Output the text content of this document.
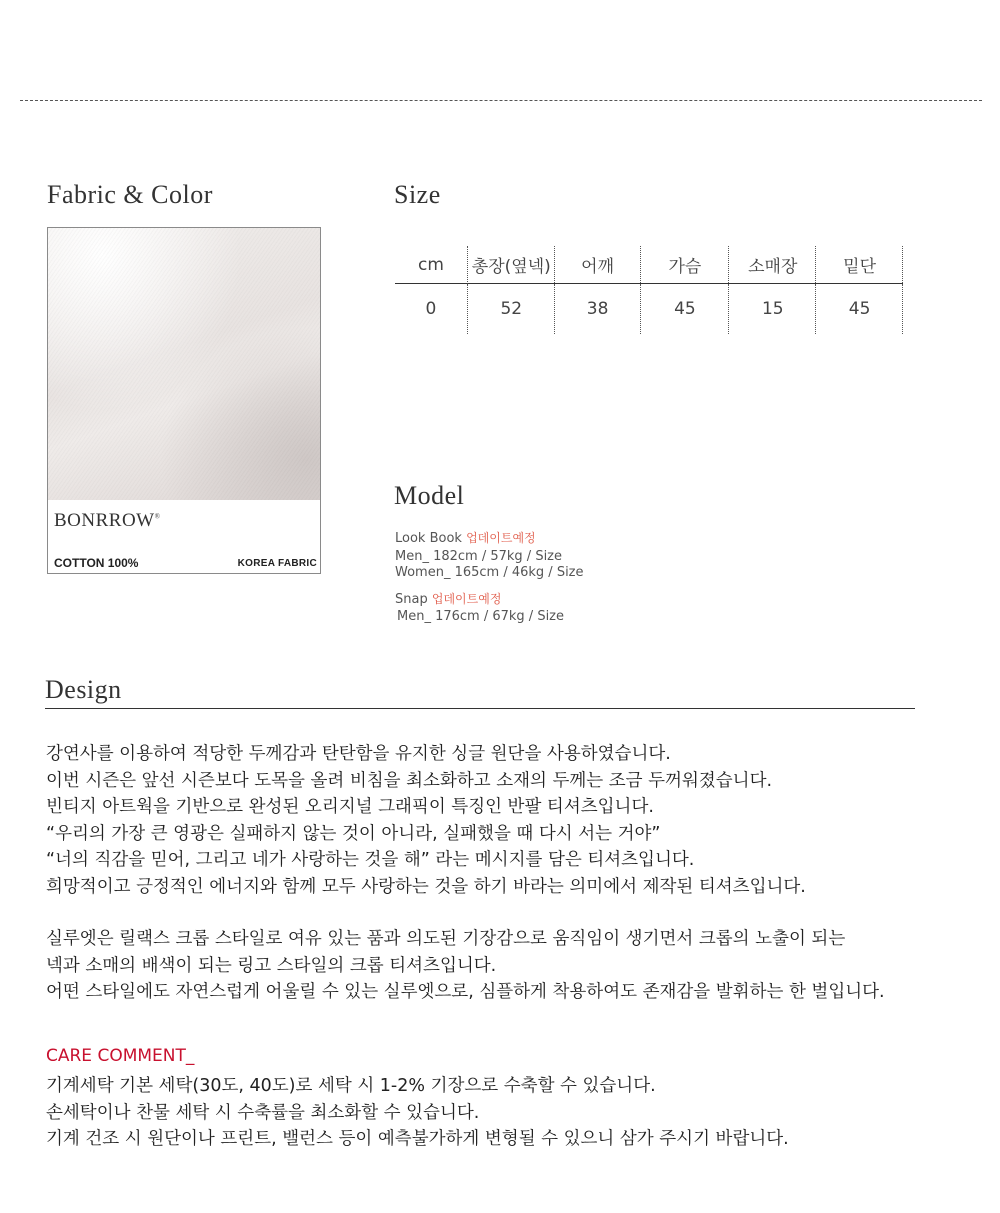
Fabric & Color
BONRROW®
COTTON 100%	KOREA FABRIC
Size
cm	총장(옆넥)	어깨	가슴	소매장	밑단
0	52	38	45	15	45
Model
Look Book 업데이트예정
Men_ 182cm / 57kg / Size
Women_ 165cm / 46kg / Size
Snap 업데이트예정
Men_ 176cm / 67kg / Size
Design
강연사를 이용하여 적당한 두께감과 탄탄함을 유지한 싱글 원단을 사용하였습니다.
이번 시즌은 앞선 시즌보다 도목을 올려 비침을 최소화하고 소재의 두께는 조금 두꺼워졌습니다.
빈티지 아트웍을 기반으로 완성된 오리지널 그래픽이 특징인 반팔 티셔츠입니다.
“우리의 가장 큰 영광은 실패하지 않는 것이 아니라, 실패했을 때 다시 서는 거야”
“너의 직감을 믿어, 그리고 네가 사랑하는 것을 해” 라는 메시지를 담은 티셔츠입니다.
희망적이고 긍정적인 에너지와 함께 모두 사랑하는 것을 하기 바라는 의미에서 제작된 티셔츠입니다.
실루엣은 릴랙스 크롭 스타일로 여유 있는 품과 의도된 기장감으로 움직임이 생기면서 크롭의 노출이 되는
넥과 소매의 배색이 되는 링고 스타일의 크롭 티셔츠입니다.
어떤 스타일에도 자연스럽게 어울릴 수 있는 실루엣으로, 심플하게 착용하여도 존재감을 발휘하는 한 벌입니다.
CARE COMMENT_
기계세탁 기본 세탁(30도, 40도)로 세탁 시 1-2% 기장으로 수축할 수 있습니다.
손세탁이나 찬물 세탁 시 수축률을 최소화할 수 있습니다.
기계 건조 시 원단이나 프린트, 밸런스 등이 예측불가하게 변형될 수 있으니 삼가 주시기 바랍니다.
